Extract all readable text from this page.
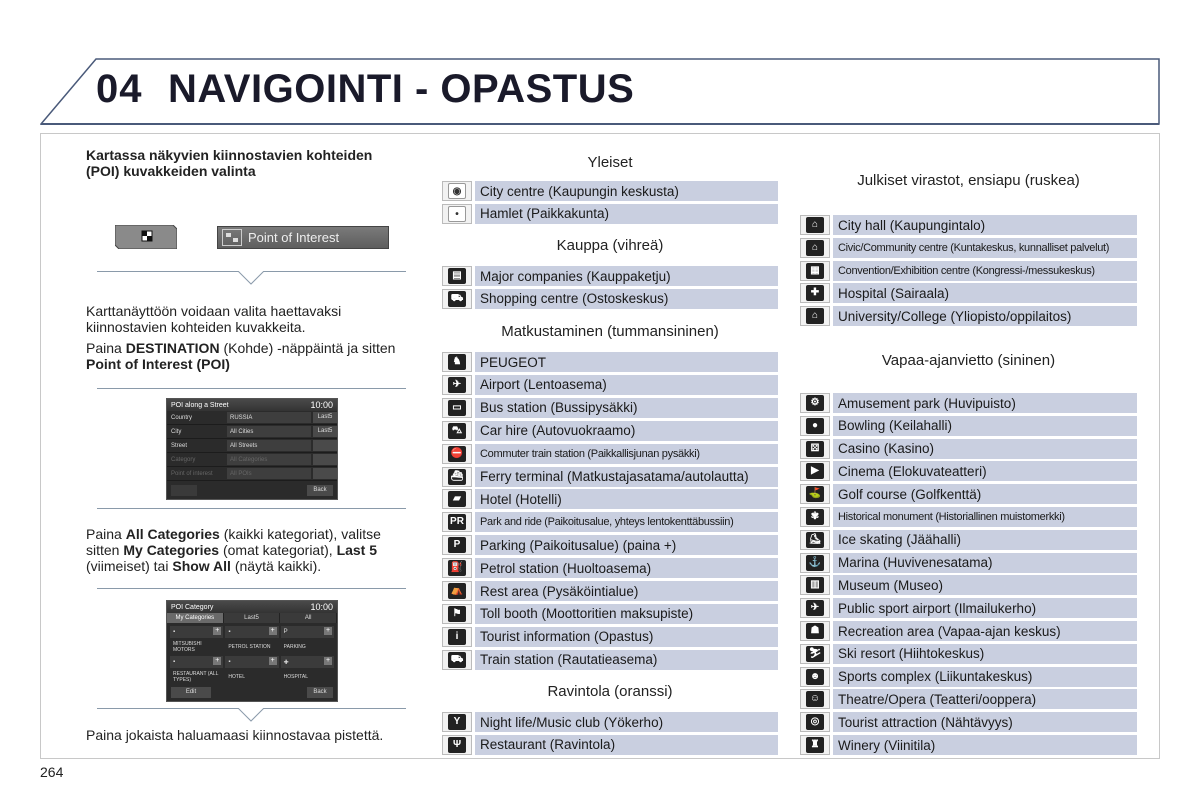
04 NAVIGOINTI - OPASTUS
Kartassa näkyvien kiinnostavien kohteiden (POI) kuvakkeiden valinta
Point of Interest
Karttanäyttöön voidaan valita haettavaksi kiinnostavien kohteiden kuvakkeita.
Paina DESTINATION (Kohde) -näppäintä ja sitten Point of Interest (POI)
POI along a Street	10:00
Country	RUSSIA	Last5
City	All Cities	Last5
Street	All Streets
Category	All Categories
Point of interest	All POIs
Back
Paina All Categories (kaikki kategoriat), valitse sitten My Categories (omat kategoriat), Last 5 (viimeiset) tai Show All (näytä kaikki).
POI Category	10:00
My Categories	Last5	All
▪	+	▪	+	P	+
MITSUBISHI MOTORS	PETROL STATION	PARKING
▪	+	▪	+	✚	+
RESTAURANT (ALL TYPES)	HOTEL	HOSPITAL
Edit	Back
Paina jokaista haluamaasi kiinnostavaa pistettä.
264
Yleiset
◉	City centre (Kaupungin keskusta)
•	Hamlet (Paikkakunta)
Kauppa (vihreä)
▤	Major companies (Kauppaketju)
⛟	Shopping centre (Ostoskeskus)
Matkustaminen (tummansininen)
♞	PEUGEOT
✈	Airport (Lentoasema)
▭	Bus station (Bussipysäkki)
⛍	Car hire (Autovuokraamo)
⛔	Commuter train station (Paikkallisjunan pysäkki)
⛴	Ferry terminal (Matkustajasatama/autolautta)
▰	Hotel (Hotelli)
PR	Park and ride (Paikoitusalue, yhteys lentokenttäbussiin)
P	Parking (Paikoitusalue) (paina +)
⛽	Petrol station (Huoltoasema)
⛺	Rest area (Pysäköintialue)
⚑	Toll booth (Moottoritien maksupiste)
i	Tourist information (Opastus)
⛟	Train station (Rautatieasema)
Ravintola (oranssi)
Y	Night life/Music club (Yökerho)
Ψ	Restaurant (Ravintola)
Julkiset virastot, ensiapu (ruskea)
⌂	City hall (Kaupungintalo)
⌂	Civic/Community centre (Kuntakeskus, kunnalliset palvelut)
▦	Convention/Exhibition centre (Kongressi-/messukeskus)
✚	Hospital (Sairaala)
⌂	University/College (Yliopisto/oppilaitos)
Vapaa-ajanvietto (sininen)
⚙	Amusement park (Huvipuisto)
●	Bowling (Keilahalli)
⚄	Casino (Kasino)
▶	Cinema (Elokuvateatteri)
⛳	Golf course (Golfkenttä)
✾	Historical monument (Historiallinen muistomerkki)
⛸	Ice skating (Jäähalli)
⚓	Marina (Huvivenesatama)
▥	Museum (Museo)
✈	Public sport airport (Ilmailukerho)
☗	Recreation area (Vapaa-ajan keskus)
⛷	Ski resort (Hiihtokeskus)
☻	Sports complex (Liikuntakeskus)
☺	Theatre/Opera (Teatteri/ooppera)
◎	Tourist attraction (Nähtävyys)
♜	Winery (Viinitila)
